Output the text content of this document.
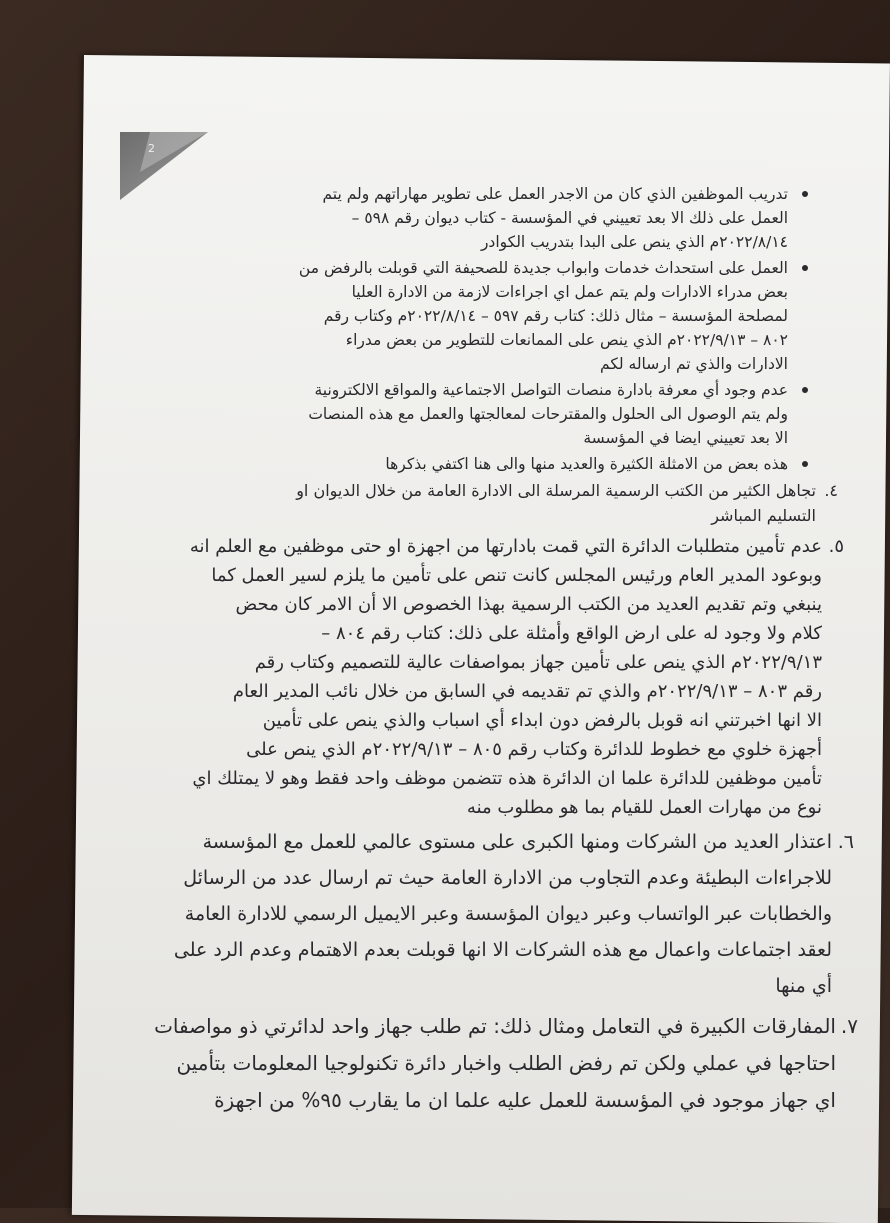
2
تدريب الموظفين الذي كان من الاجدر العمل على تطوير مهاراتهم ولم يتم
العمل على ذلك الا بعد تعييني في المؤسسة - كتاب ديوان رقم ٥٩٨ –
٢٠٢٢/٨/١٤م الذي ينص على البدا بتدريب الكوادر
العمل على استحداث خدمات وابواب جديدة للصحيفة التي قوبلت بالرفض من
بعض مدراء الادارات ولم يتم عمل اي اجراءات لازمة من الادارة العليا
لمصلحة المؤسسة – مثال ذلك: كتاب رقم ٥٩٧ – ٢٠٢٢/٨/١٤م وكتاب رقم
٨٠٢ – ٢٠٢٢/٩/١٣م الذي ينص على الممانعات للتطوير من بعض مدراء
الادارات والذي تم ارساله لكم
عدم وجود أي معرفة بادارة منصات التواصل الاجتماعية والمواقع الالكترونية
ولم يتم الوصول الى الحلول والمقترحات لمعالجتها والعمل مع هذه المنصات
الا بعد تعييني ايضا في المؤسسة
هذه بعض من الامثلة الكثيرة والعديد منها والى هنا اكتفي بذكرها
٤.
تجاهل الكثير من الكتب الرسمية المرسلة الى الادارة العامة من خلال الديوان او
التسليم المباشر
٥.
عدم تأمين متطلبات الدائرة التي قمت بادارتها من اجهزة او حتى موظفين مع العلم انه
وبوعود المدير العام ورئيس المجلس كانت تنص على تأمين ما يلزم لسير العمل كما
ينبغي وتم تقديم العديد من الكتب الرسمية بهذا الخصوص الا أن الامر كان محض
كلام ولا وجود له على ارض الواقع وأمثلة على ذلك: كتاب رقم ٨٠٤ –
٢٠٢٢/٩/١٣م الذي ينص على تأمين جهاز بمواصفات عالية للتصميم وكتاب رقم
رقم ٨٠٣ – ٢٠٢٢/٩/١٣م والذي تم تقديمه في السابق من خلال نائب المدير العام
الا انها اخبرتني انه قوبل بالرفض دون ابداء أي اسباب والذي ينص على تأمين
أجهزة خلوي مع خطوط للدائرة وكتاب رقم ٨٠٥ – ٢٠٢٢/٩/١٣م الذي ينص على
تأمين موظفين للدائرة علما ان الدائرة هذه تتضمن موظف واحد فقط وهو لا يمتلك اي
نوع من مهارات العمل للقيام بما هو مطلوب منه
٦.
اعتذار العديد من الشركات ومنها الكبرى على مستوى عالمي للعمل مع المؤسسة
للاجراءات البطيئة وعدم التجاوب من الادارة العامة حيث تم ارسال عدد من الرسائل
والخطابات عبر الواتساب وعبر ديوان المؤسسة وعبر الايميل الرسمي للادارة العامة
لعقد اجتماعات واعمال مع هذه الشركات الا انها قوبلت بعدم الاهتمام وعدم الرد على
أي منها
٧.
المفارقات الكبيرة في التعامل ومثال ذلك: تم طلب جهاز واحد لدائرتي ذو مواصفات
احتاجها في عملي ولكن تم رفض الطلب واخبار دائرة تكنولوجيا المعلومات بتأمين
اي جهاز موجود في المؤسسة للعمل عليه علما ان ما يقارب ٩٥% من اجهزة
